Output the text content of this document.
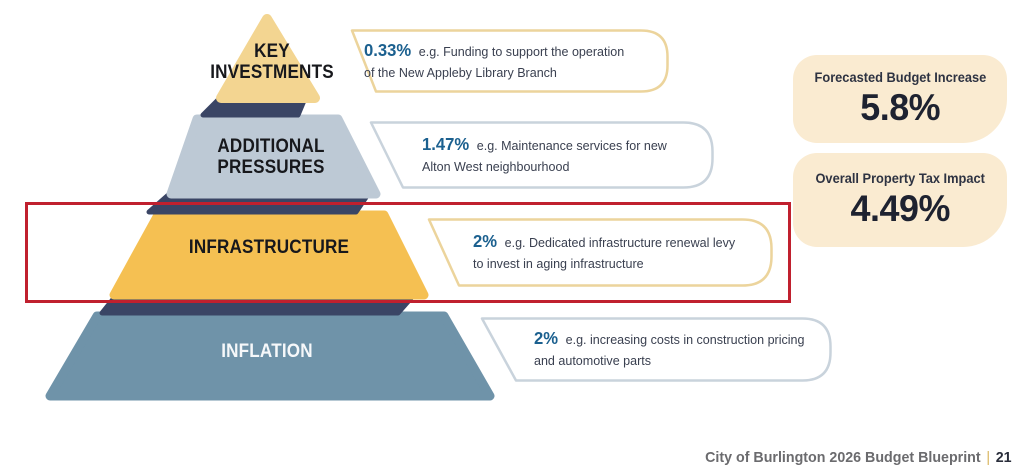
KEY INVESTMENTS
ADDITIONAL PRESSURES
INFRASTRUCTURE
INFLATION
0.33% e.g. Funding to support the operation
of the New Appleby Library Branch
1.47% e.g. Maintenance services for new
Alton West neighbourhood
2% e.g. Dedicated infrastructure renewal levy
to invest in aging infrastructure
2% e.g. increasing costs in construction pricing
and automotive parts
Forecasted Budget Increase
5.8%
Overall Property Tax Impact
4.49%
City of Burlington 2026 Budget Blueprint | 21
